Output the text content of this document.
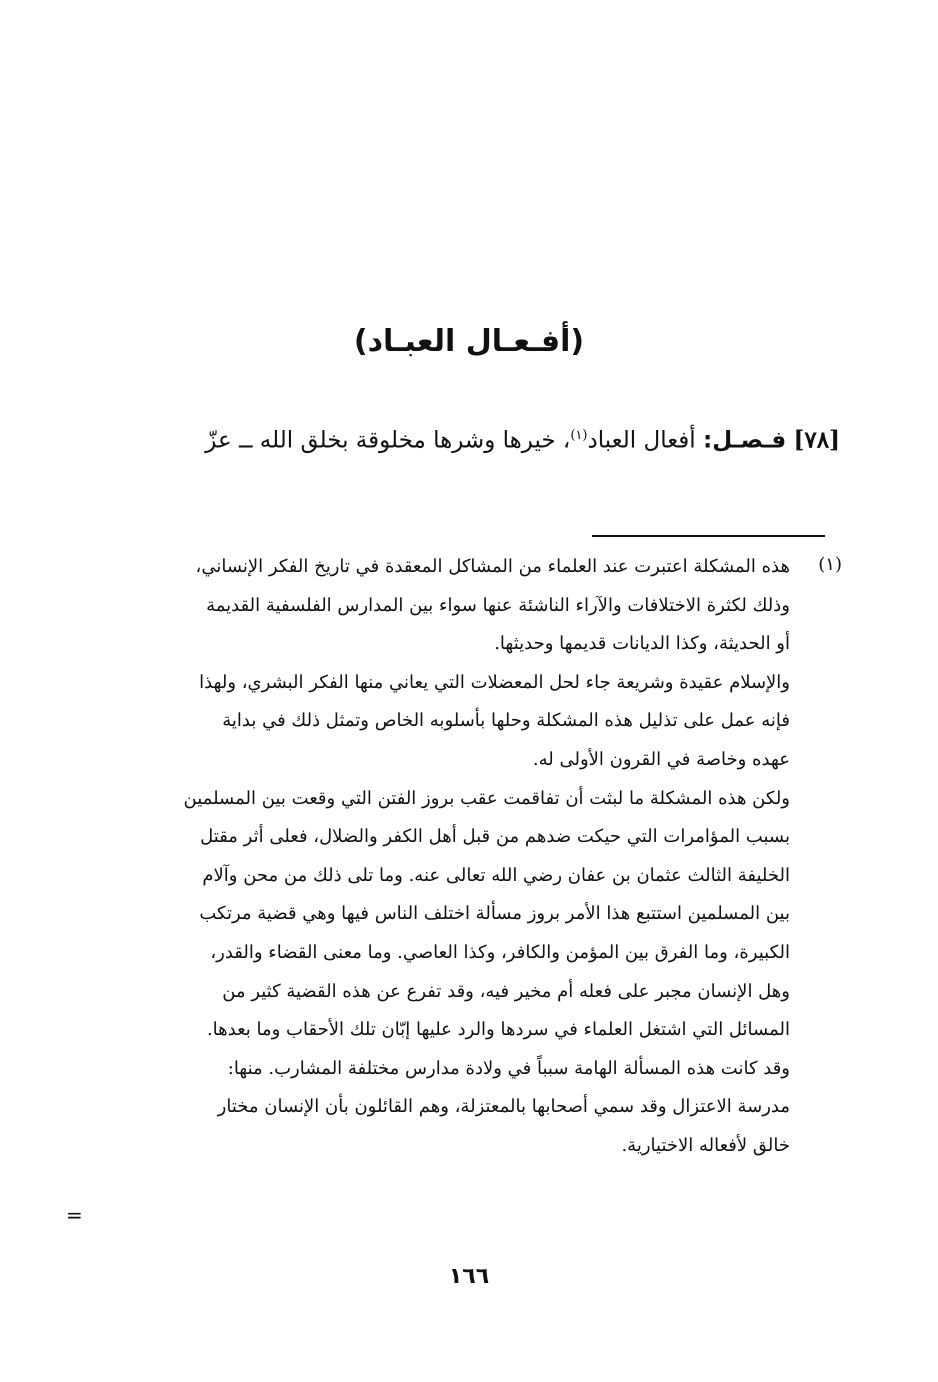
(أفـعـال العبـاد)
[٧٨] فـصـل: أفعال العباد$^{(١)}$، خيرها وشرها مخلوقة بخلق الله ــ عزّ
(١)
هذه المشكلة اعتبرت عند العلماء من المشاكل المعقدة في تاريخ الفكر الإنساني،
وذلك لكثرة الاختلافات والآراء الناشئة عنها سواء بين المدارس الفلسفية القديمة
أو الحديثة، وكذا الديانات قديمها وحديثها.
والإسلام عقيدة وشريعة جاء لحل المعضلات التي يعاني منها الفكر البشري، ولهذا
فإنه عمل على تذليل هذه المشكلة وحلها بأسلوبه الخاص وتمثل ذلك في بداية
عهده وخاصة في القرون الأولى له.
ولكن هذه المشكلة ما لبثت أن تفاقمت عقب بروز الفتن التي وقعت بين المسلمين
بسبب المؤامرات التي حيكت ضدهم من قبل أهل الكفر والضلال، فعلى أثر مقتل
الخليفة الثالث عثمان بن عفان رضي الله تعالى عنه. وما تلى ذلك من محن وآلام
بين المسلمين استتبع هذا الأمر بروز مسألة اختلف الناس فيها وهي قضية مرتكب
الكبيرة، وما الفرق بين المؤمن والكافر، وكذا العاصي. وما معنى القضاء والقدر،
وهل الإنسان مجبر على فعله أم مخير فيه، وقد تفرع عن هذه القضية كثير من
المسائل التي اشتغل العلماء في سردها والرد عليها إبّان تلك الأحقاب وما بعدها.
وقد كانت هذه المسألة الهامة سبباً في ولادة مدارس مختلفة المشارب. منها:
مدرسة الاعتزال وقد سمي أصحابها بالمعتزلة، وهم القائلون بأن الإنسان مختار
خالق لأفعاله الاختيارية.
=
١٦٦
